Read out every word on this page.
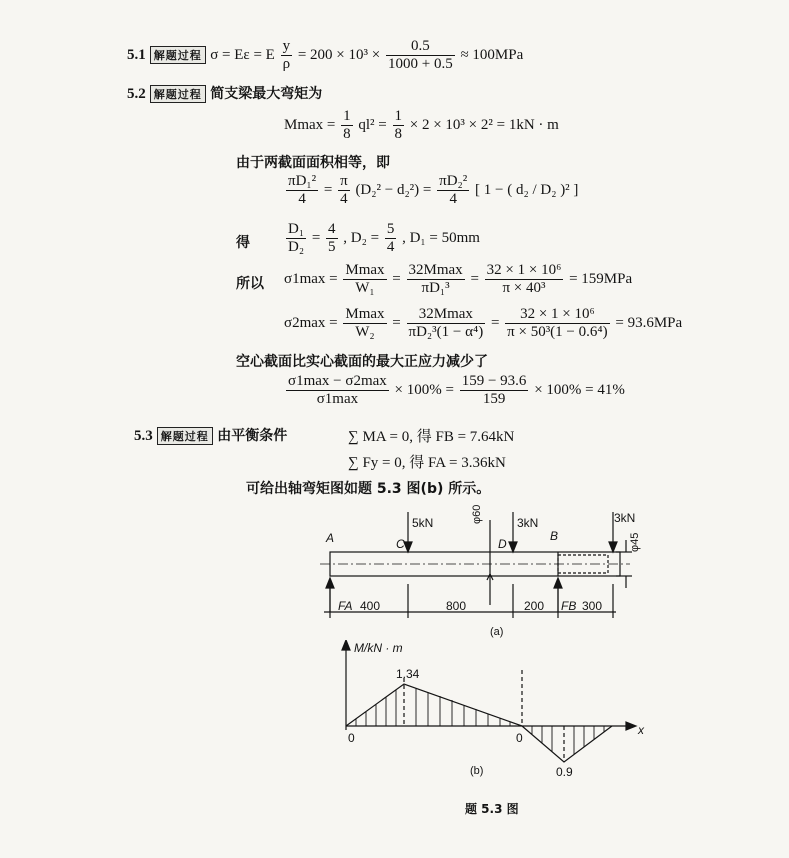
5.1 解题过程 σ = Eε = E $\frac{y}{\rho} = 200 \times 10^3 \times \frac{0.5}{1000 + 0.5} \approx 100MPa$
5.2 解题过程 简支梁最大弯矩为
$Mmax = \frac{1}{8} ql^2 = \frac{1}{8} \times 2 \times 10^3 \times 2^2 = 1kN \cdot m$
由于两截面面积相等，即
$\frac{\text{πD₁²}}{4} = \frac{\pi}{4} (D_2^2 - d_2^2) = \frac{\text{πD₂²}}{4}$ [ 1 − ( d₂ / D₂ )² ]
得 $\frac{\text{D₁}}{\text{D₂}} = \frac{4}{5}$ , $D_2 = \frac{5}{4}$ , D₁ = 50mm
所以 $\sigma 1\max = \frac{Mmax}{\text{W₁}} = \frac{32Mmax}{\text{πD₁³}} = \frac{\text{32 × 1 × 10⁶}}{\text{π × 40³}} = 159MPa$
$\sigma 2\max = \frac{Mmax}{\text{W₂}} = \frac{32Mmax}{\text{πD₂³(1 − α⁴)}} = \frac{\text{32 × 1 × 10⁶}}{\text{π × 50³(1 − 0.6⁴)}} = 93.6MPa$
空心截面比实心截面的最大正应力减少了
$\frac{\sigma 1\max - \sigma 2\max}{\sigma 1\max} \times 100\% = \frac{159 - 93.6}{159} \times 100\% = 41\%$
5.3 解题过程 由平衡条件	∑ MA = 0, 得 FB = 7.64kN
∑ Fy = 0, 得 FA = 3.36kN
可给出轴弯矩图如题 5.3 图(b) 所示。
A	C
5kN
D
3kN
B
3kN
φ60
φ45
FA 400	800	200 FB 300
(a)
M/kN · m
x
1.34
0	0
0.9
(b)
题 5.3 图
